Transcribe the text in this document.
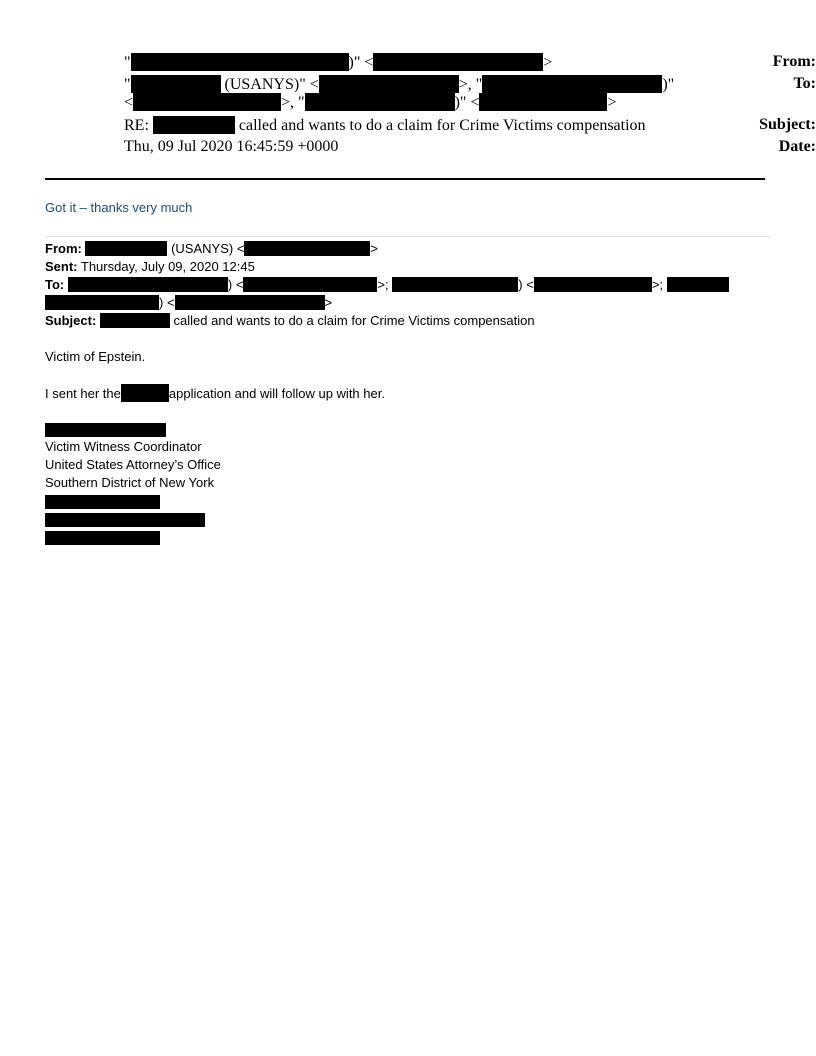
From:
"	)" <	>
To:
"	(USANYS)" <	>, "	)"
<	>, "	)" <	>
Subject:
RE:	called and wants to do a claim for Crime Victims compensation
Date:
Thu, 09 Jul 2020 16:45:59 +0000
Got it – thanks very much
From:	(USANYS) <	>
Sent: Thursday, July 09, 2020 12:45
To:	) <	>;	) <	>;
) <	>
Subject:	called and wants to do a claim for Crime Victims compensation
Victim of Epstein.
I sent her the	application and will follow up with her.
Victim Witness Coordinator
United States Attorney’s Office
Southern District of New York
